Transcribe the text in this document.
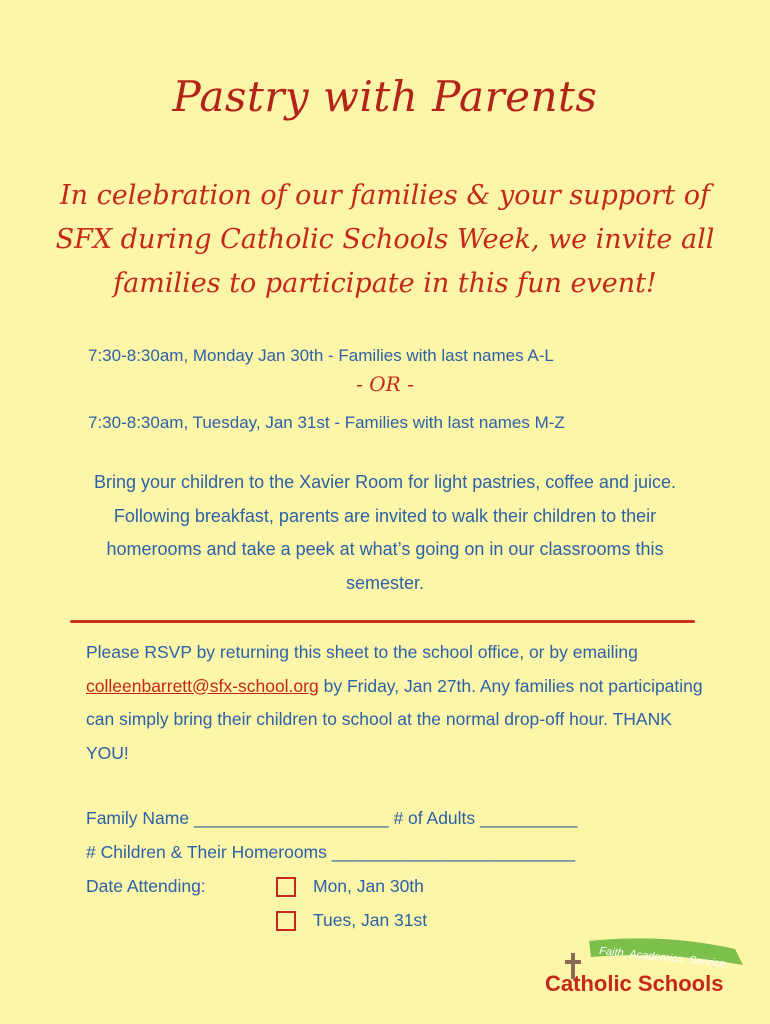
Pastry with Parents
In celebration of our families & your support of SFX during Catholic Schools Week, we invite all families to participate in this fun event!
7:30-8:30am, Monday Jan 30th - Families with last names A-L
- OR -
7:30-8:30am, Tuesday, Jan 31st - Families with last names M-Z
Bring your children to the Xavier Room for light pastries, coffee and juice. Following breakfast, parents are invited to walk their children to their homerooms and take a peek at what’s going on in our classrooms this semester.
Please RSVP by returning this sheet to the school office, or by emailing colleenbarrett@sfx-school.org by Friday, Jan 27th. Any families not participating can simply bring their children to school at the normal drop-off hour. THANK YOU!
Family Name ____________________ # of Adults __________
# Children & Their Homerooms _________________________
Date Attending:	Mon, Jan 30th
Tues, Jan 31st
Faith. Academics. Service.
Catholic Schools
